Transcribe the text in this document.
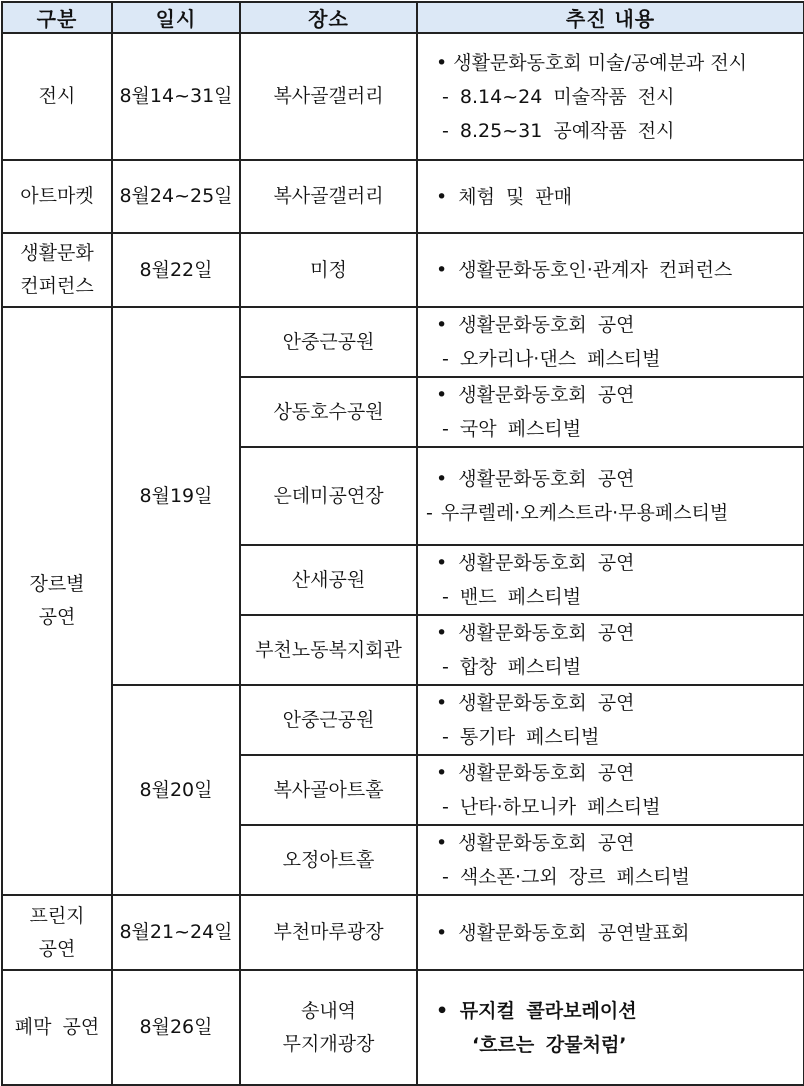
구분	일시	장소	추진 내용
전시	8월14~31일	복사골갤러리	• 생활문화동호회 미술/공예분과 전시
- 8.14~24 미술작품 전시
- 8.25~31 공예작품 전시

아트마켓	8월24~25일	복사골갤러리	• 체험 및 판매

생활문화
컨퍼런스	8월22일	미정	• 생활문화동호인·관계자 컨퍼런스

장르별
공연	8월19일	안중근공원	• 생활문화동호회 공연
- 오카리나·댄스 페스티벌

		상동호수공원	• 생활문화동호회 공연
- 국악 페스티벌

		은데미공연장	• 생활문화동호회 공연
- 우쿠렐레·오케스트라·무용페스티벌

		산새공원	• 생활문화동호회 공연
- 밴드 페스티벌

		부천노동복지회관	• 생활문화동호회 공연
- 합창 페스티벌

	8월20일	안중근공원	• 생활문화동호회 공연
- 통기타 페스티벌

		복사골아트홀	• 생활문화동호회 공연
- 난타·하모니카 페스티벌

		오정아트홀	• 생활문화동호회 공연
- 색소폰·그외 장르 페스티벌

프린지
공연	8월21~24일	부천마루광장	• 생활문화동호회 공연발표회

폐막 공연	8월26일	송내역
무지개광장	• 뮤지컬 콜라보레이션
‘흐르는 강물처럼’
